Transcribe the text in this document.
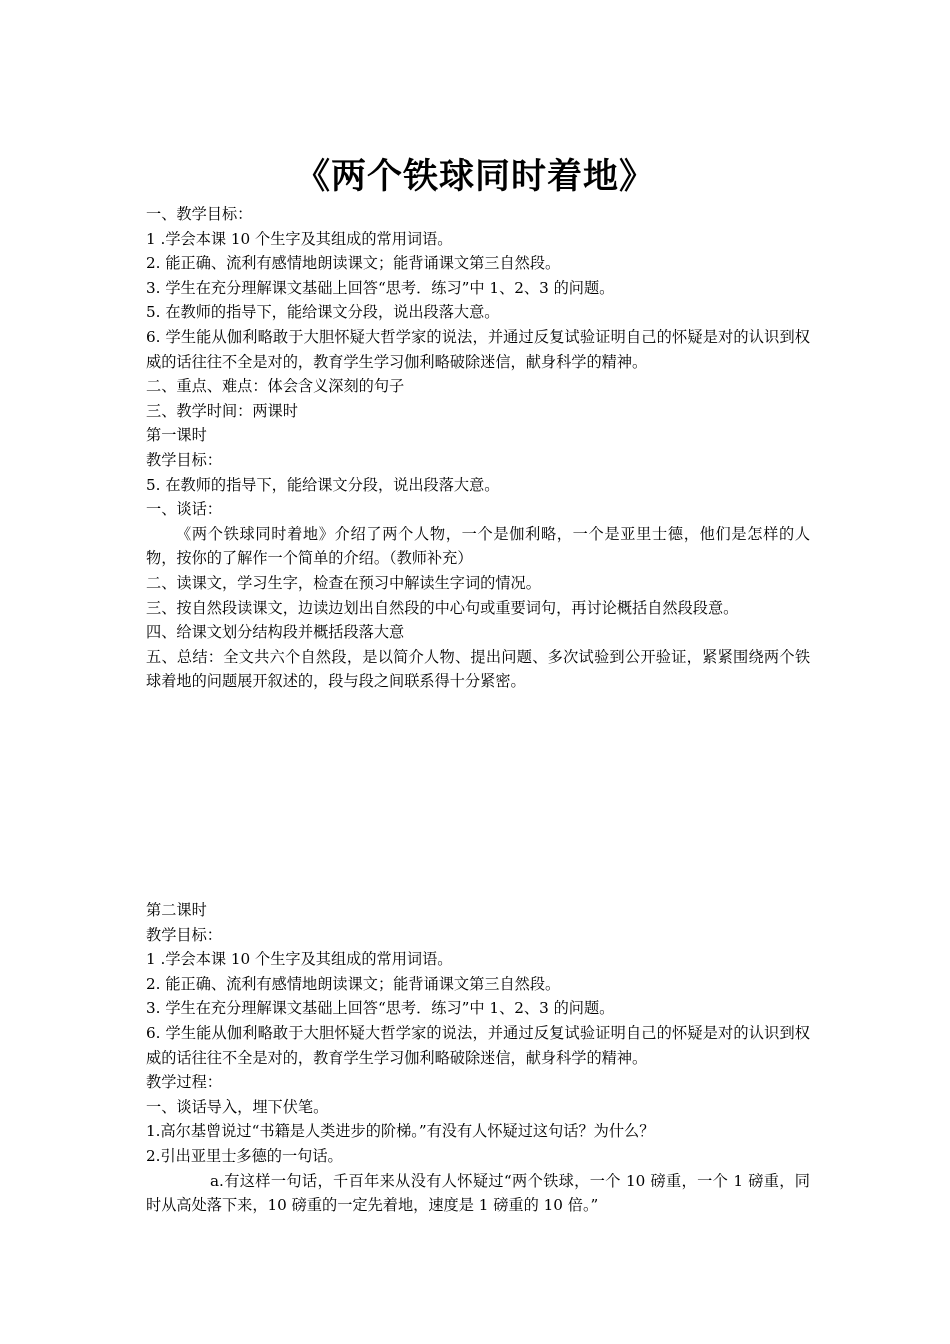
《两个铁球同时着地》

一、教学目标：

1 .学会本课 10 个生字及其组成的常用词语。

2. 能正确、流利有感情地朗读课文；能背诵课文第三自然段。

3. 学生在充分理解课文基础上回答“思考．练习”中 1、2、3 的问题。

5. 在教师的指导下，能给课文分段，说出段落大意。

6. 学生能从伽利略敢于大胆怀疑大哲学家的说法，并通过反复试验证明自己的怀疑是对的认识到权威的话往往不全是对的，教育学生学习伽利略破除迷信，献身科学的精神。

二、重点、难点：体会含义深刻的句子

三、教学时间：两课时

第一课时

教学目标：

5. 在教师的指导下，能给课文分段，说出段落大意。

一、谈话：

《两个铁球同时着地》介绍了两个人物，一个是伽利略，一个是亚里士德，他们是怎样的人物，按你的了解作一个简单的介绍。（教师补充）

二、读课文，学习生字，检查在预习中解读生字词的情况。

三、按自然段读课文，边读边划出自然段的中心句或重要词句，再讨论概括自然段段意。

四、给课文划分结构段并概括段落大意

五、总结：全文共六个自然段，是以简介人物、提出问题、多次试验到公开验证，紧紧围绕两个铁球着地的问题展开叙述的，段与段之间联系得十分紧密。

第二课时

教学目标：

1 .学会本课 10 个生字及其组成的常用词语。

2. 能正确、流利有感情地朗读课文；能背诵课文第三自然段。

3. 学生在充分理解课文基础上回答“思考．练习”中 1、2、3 的问题。

6. 学生能从伽利略敢于大胆怀疑大哲学家的说法，并通过反复试验证明自己的怀疑是对的认识到权威的话往往不全是对的，教育学生学习伽利略破除迷信，献身科学的精神。

教学过程：

一、谈话导入，埋下伏笔。

1.高尔基曾说过“书籍是人类进步的阶梯。”有没有人怀疑过这句话？为什么？

2.引出亚里士多德的一句话。

a.有这样一句话，千百年来从没有人怀疑过“两个铁球，一个 10 磅重，一个 1 磅重，同时从高处落下来，10 磅重的一定先着地，速度是 1 磅重的 10 倍。”
